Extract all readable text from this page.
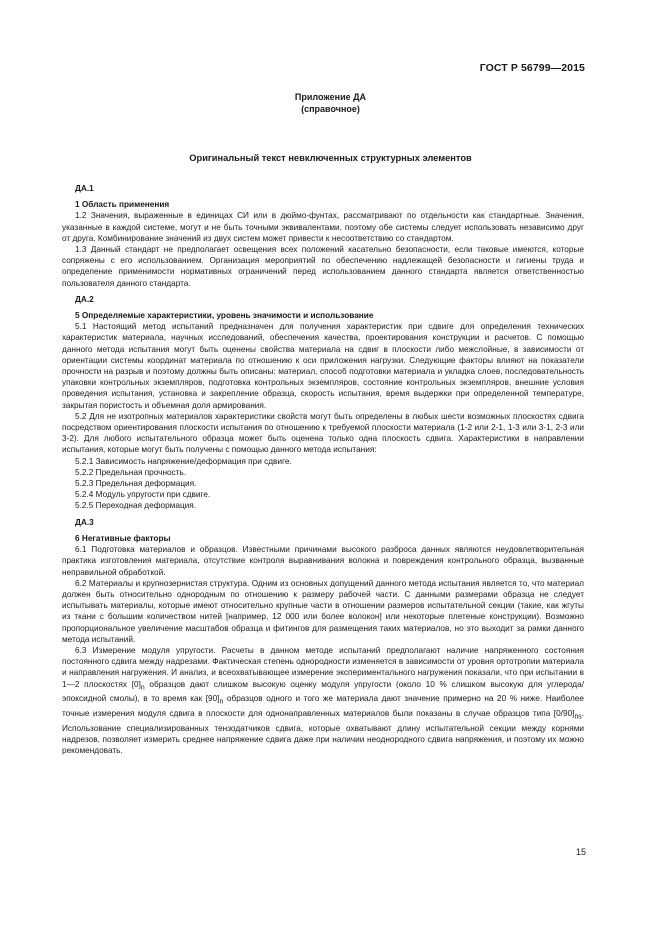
ГОСТ Р 56799—2015
Приложение ДА
(справочное)
Оригинальный текст невключенных структурных элементов
ДА.1
1 Область применения

1.2 Значения, выраженные в единицах СИ или в дюймо-фунтах, рассматривают по отдельности как стандартные. Значения, указанные в каждой системе, могут и не быть точными эквивалентами, поэтому обе системы следует использовать независимо друг от друга. Комбинирование значений из двух систем может привести к несоответствию со стандартом.

1.3 Данный стандарт не предполагает освещения всех положений касательно безопасности, если таковые имеются, которые сопряжены с его использованием. Организация мероприятий по обеспечению надлежащей безопасности и гигиены труда и определение применимости нормативных ограничений перед использованием данного стандарта является ответственностью пользователя данного стандарта.

ДА.2
5 Определяемые характеристики, уровень значимости и использование

5.1 Настоящий метод испытаний предназначен для получения характеристик при сдвиге для определения технических характеристик материала, научных исследований, обеспечения качества, проектирования конструкции и расчетов. С помощью данного метода испытания могут быть оценены свойства материала на сдвиг в плоскости либо межслойные, в зависимости от ориентации системы координат материала по отношению к оси приложения нагрузки. Следующие факторы влияют на показатели прочности на разрыв и поэтому должны быть описаны: материал, способ подготовки материала и укладка слоев, последовательность упаковки контрольных экземпляров, подготовка контрольных экземпляров, состояние контрольных экземпляров, внешние условия проведения испытания, установка и закрепление образца, скорость испытания, время выдержки при определенной температуре, закрытая пористость и объемная доля армирования.

5.2 Для не изотропных материалов характеристики свойств могут быть определены в любых шести возможных плоскостях сдвига посредством ориентирования плоскости испытания по отношению к требуемой плоскости материала (1-2 или 2-1, 1-3 или 3-1, 2-3 или 3-2). Для любого испытательного образца может быть оценена только одна плоскость сдвига. Характеристики в направлении испытания, которые могут быть получены с помощью данного метода испытания:

5.2.1 Зависимость напряжение/деформация при сдвиге.

5.2.2 Предельная прочность.

5.2.3 Предельная деформация.

5.2.4 Модуль упругости при сдвиге.

5.2.5 Переходная деформация.

ДА.3
6 Негативные факторы

6.1 Подготовка материалов и образцов. Известными причинами высокого разброса данных являются неудовлетворительная практика изготовления материала, отсутствие контроля выравнивания волокна и повреждения контрольного образца, вызванные неправильной обработкой.

6.2 Материалы и крупнозернистая структура. Одним из основных допущений данного метода испытания является то, что материал должен быть относительно однородным по отношению к размеру рабочей части. С данными размерами образца не следует испытывать материалы, которые имеют относительно крупные части в отношении размеров испытательной секции (такие, как жгуты из ткани с большим количеством нитей [например, 12 000 или более волокон] или некоторые плетеные конструкции). Возможно пропорциональное увеличение масштабов образца и фитингов для размещения таких материалов, но это выходит за рамки данного метода испытаний.

6.3 Измерение модуля упругости. Расчеты в данном методе испытаний предполагают наличие напряженного состояния постоянного сдвига между надрезами. Фактическая степень однородности изменяется в зависимости от уровня ортотропии материала и направления нагружения. И анализ, и всеохватывающее измерение экспериментального нагружения показали, что при испытании в 1—2 плоскостях $[0]_n$ образцов дают слишком высокую оценку модуля упругости (около 10 % слишком высокую для углерода/эпоксидной смолы), в то время как $[90]_n$ образцов одного и того же материала дают значение примерно на 20 % ниже. Наиболее точные измерения модуля сдвига в плоскости для однонаправленных материалов были показаны в случае образцов типа $[0/90]_{ns}$. Использование специализированных тензодатчиков сдвига, которые охватывают длину испытательной секции между корнями надрезов, позволяет измерить среднее напряжение сдвига даже при наличии неоднородного сдвига напряжения, и поэтому их можно рекомендовать.

15
